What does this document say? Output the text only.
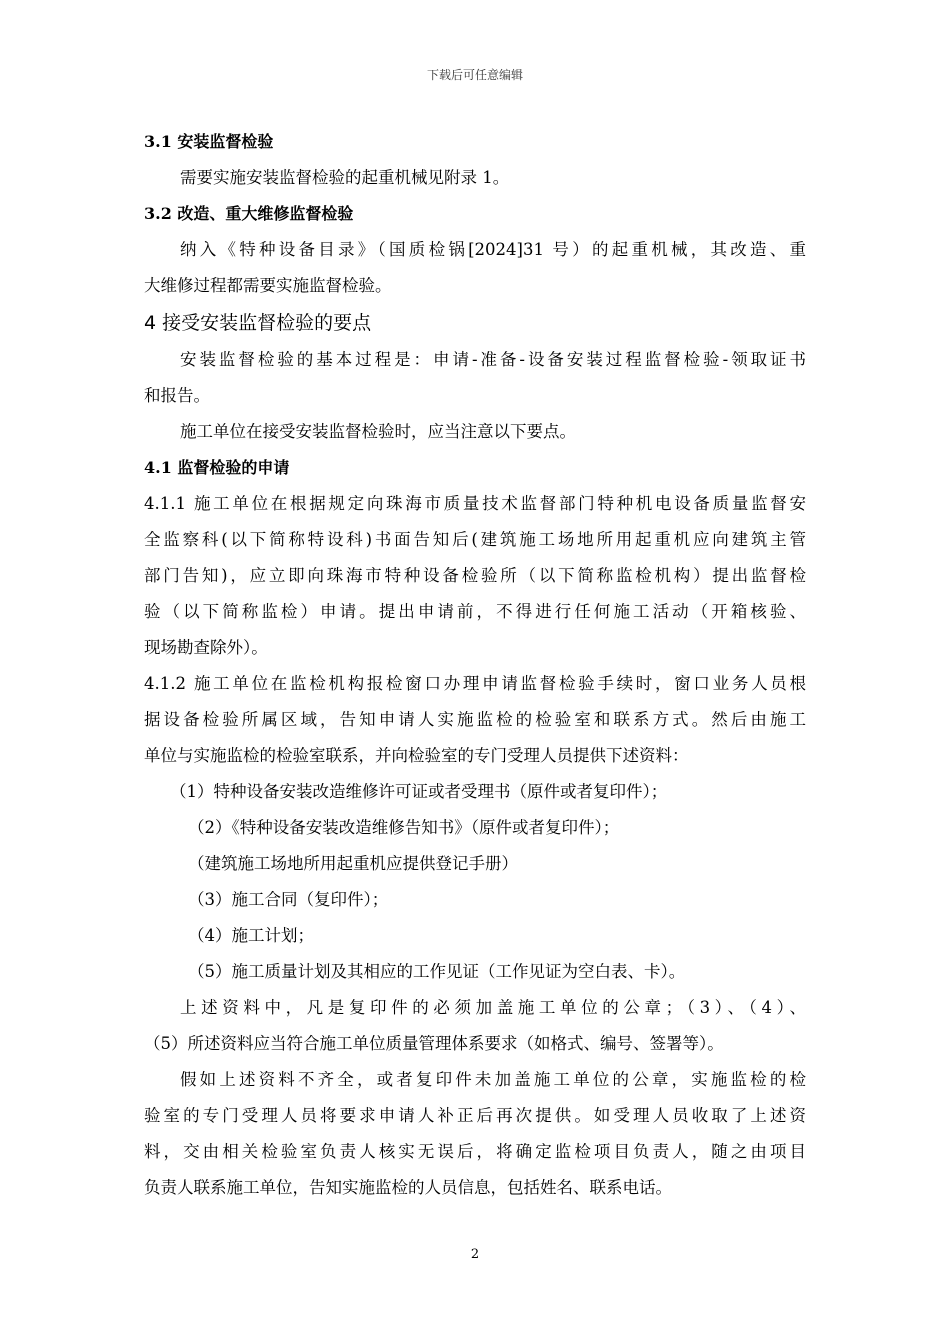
下载后可任意编辑
3.1 安装监督检验
需要实施安装监督检验的起重机械见附录 1。
3.2 改造、重大维修监督检验
纳入《特种设备目录》（国质检锅[2024]31 号）的起重机械，其改造、重
大维修过程都需要实施监督检验。
4 接受安装监督检验的要点
安装监督检验的基本过程是：申请-准备-设备安装过程监督检验-领取证书
和报告。
施工单位在接受安装监督检验时，应当注意以下要点。
4.1 监督检验的申请
4.1.1 施工单位在根据规定向珠海市质量技术监督部门特种机电设备质量监督安
全监察科(以下简称特设科)书面告知后(建筑施工场地所用起重机应向建筑主管
部门告知)，应立即向珠海市特种设备检验所（以下简称监检机构）提出监督检
验（以下简称监检）申请。提出申请前，不得进行任何施工活动（开箱核验、
现场勘查除外）。
4.1.2 施工单位在监检机构报检窗口办理申请监督检验手续时，窗口业务人员根
据设备检验所属区域，告知申请人实施监检的检验室和联系方式。然后由施工
单位与实施监检的检验室联系，并向检验室的专门受理人员提供下述资料：
（1）特种设备安装改造维修许可证或者受理书（原件或者复印件）；
（2）《特种设备安装改造维修告知书》（原件或者复印件）；
（建筑施工场地所用起重机应提供登记手册）
（3）施工合同（复印件）；
（4）施工计划；
（5）施工质量计划及其相应的工作见证（工作见证为空白表、卡）。
上述资料中，凡是复印件的必须加盖施工单位的公章；（3）、（4）、
（5）所述资料应当符合施工单位质量管理体系要求（如格式、编号、签署等）。
假如上述资料不齐全，或者复印件未加盖施工单位的公章，实施监检的检
验室的专门受理人员将要求申请人补正后再次提供。如受理人员收取了上述资
料，交由相关检验室负责人核实无误后，将确定监检项目负责人，随之由项目
负责人联系施工单位，告知实施监检的人员信息，包括姓名、联系电话。
2
